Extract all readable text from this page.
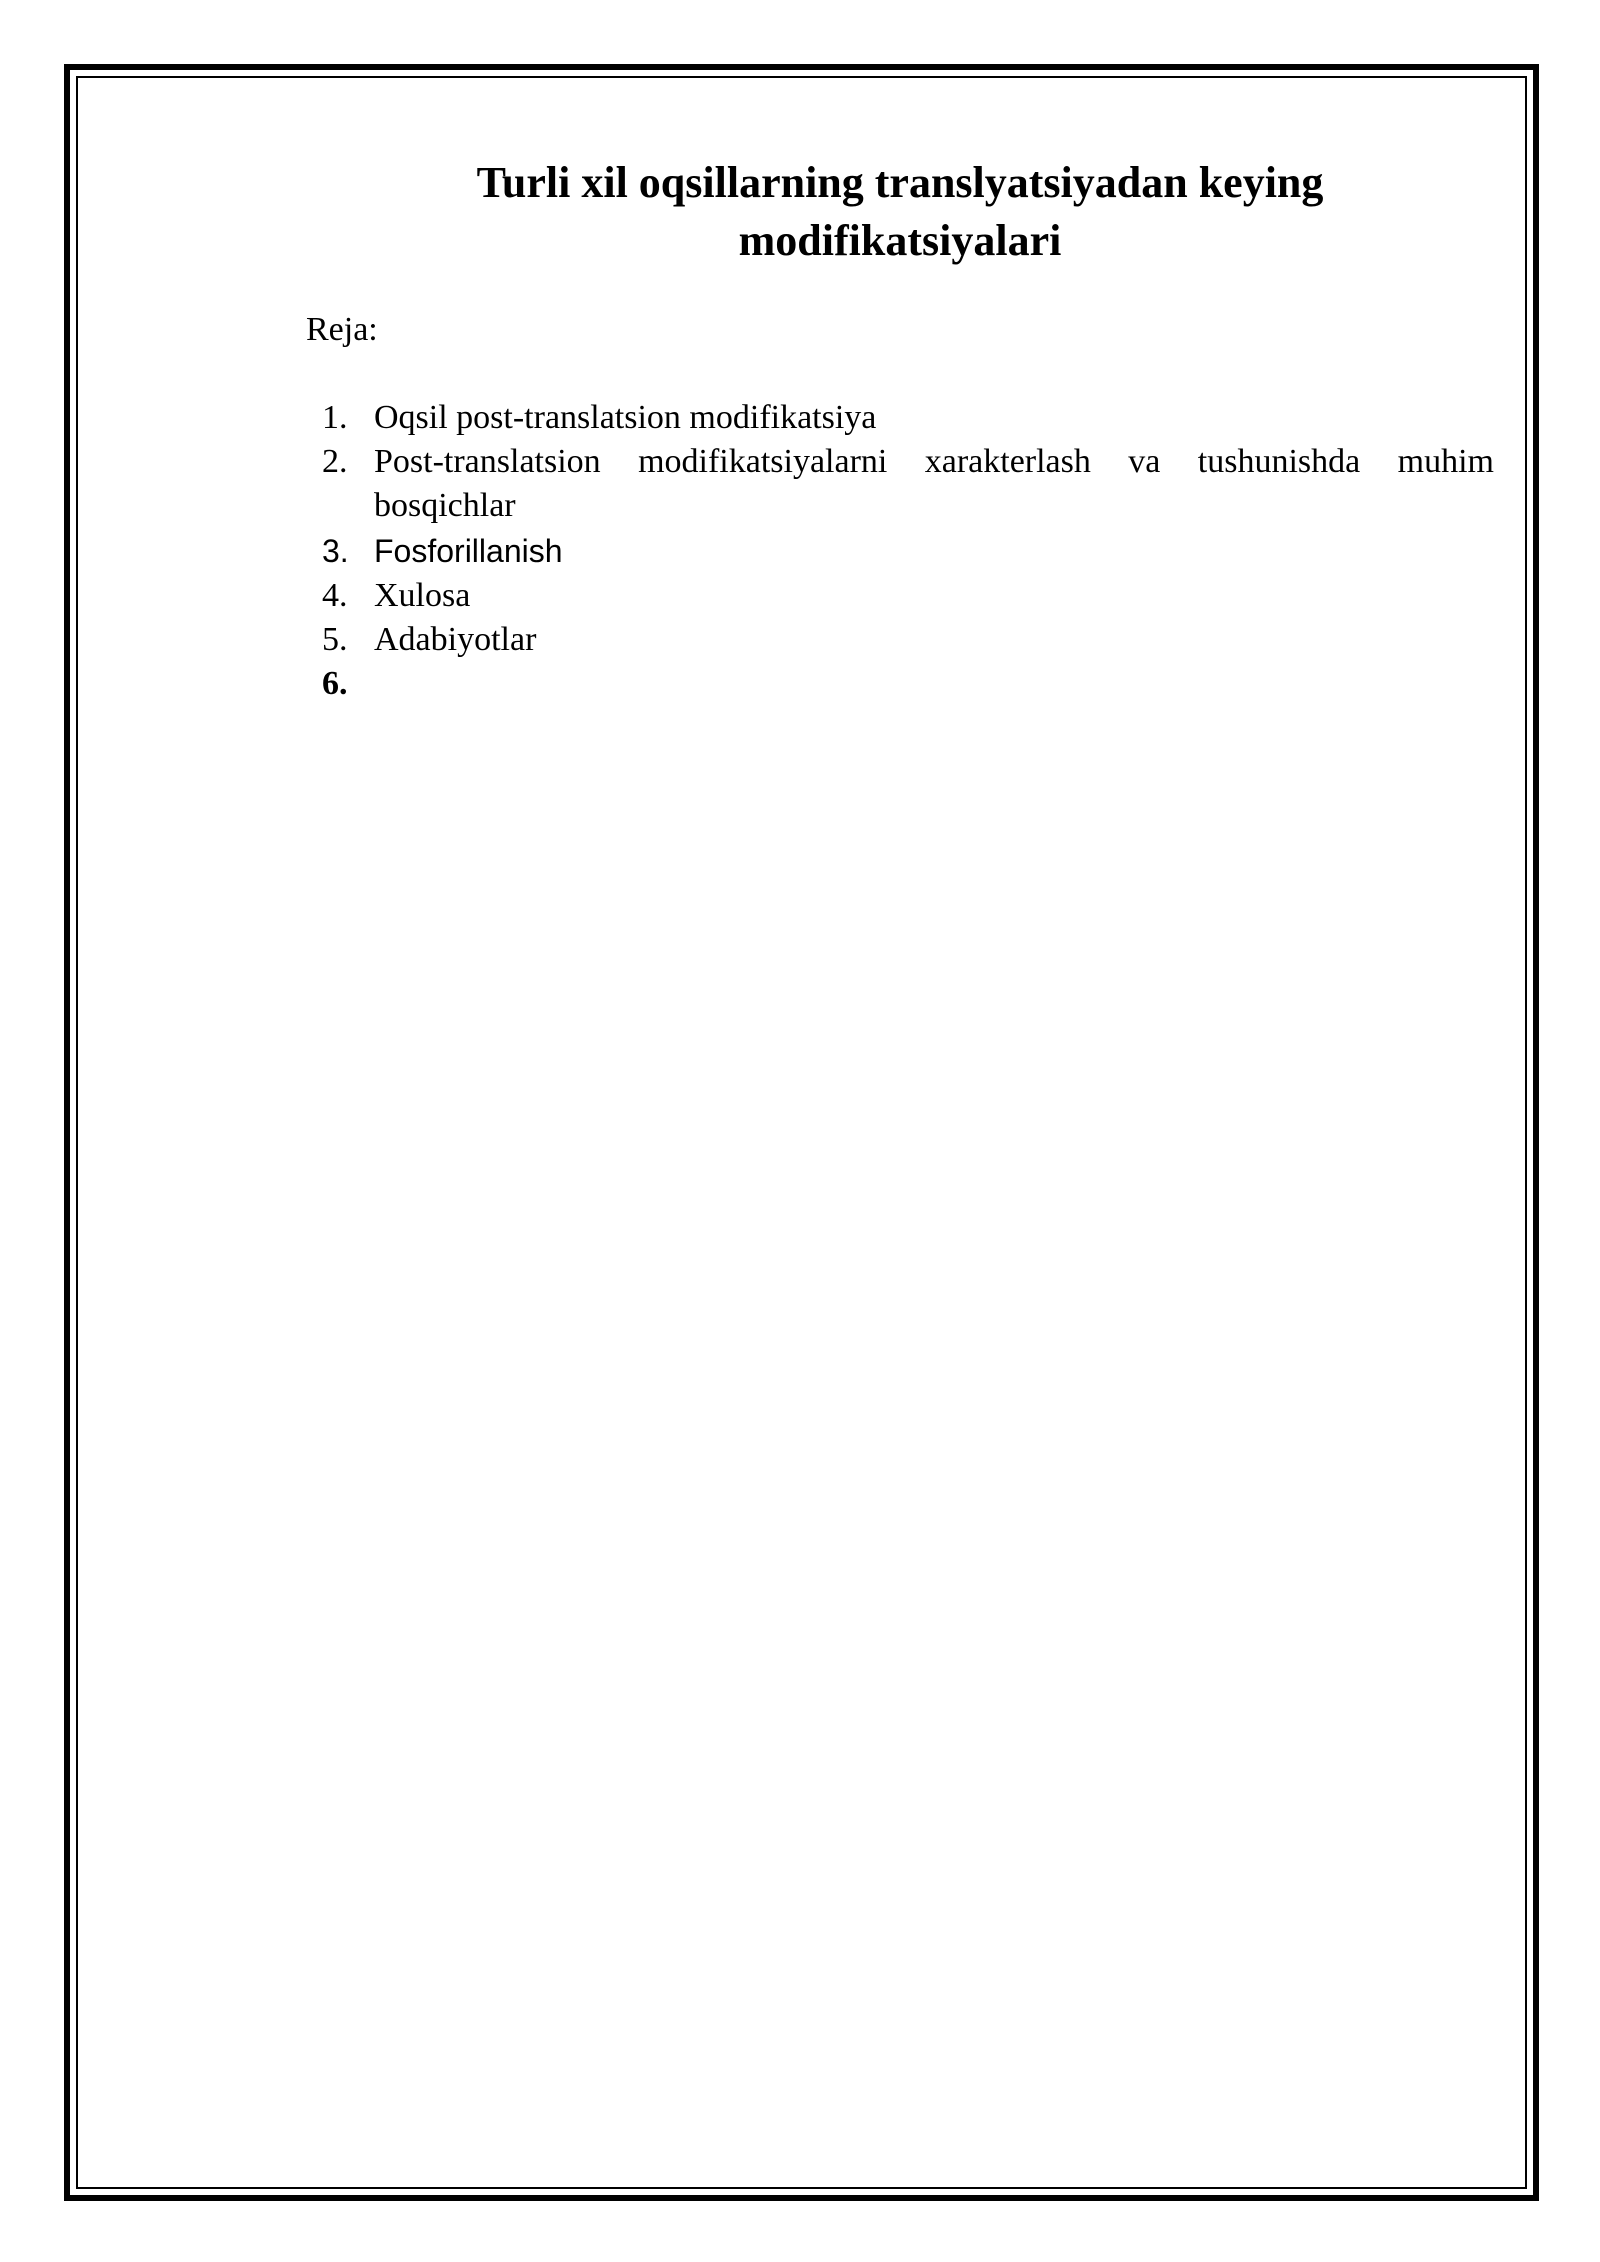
Turli xil oqsillarning translyatsiyadan keying
modifikatsiyalari

Reja:

1. Oqsil post-translatsion modifikatsiya
2. Post-translatsion modifikatsiyalarni xarakterlash va tushunishda muhim bosqichlar
3. Fosforillanish
4. Xulosa
5. Adabiyotlar
6.
